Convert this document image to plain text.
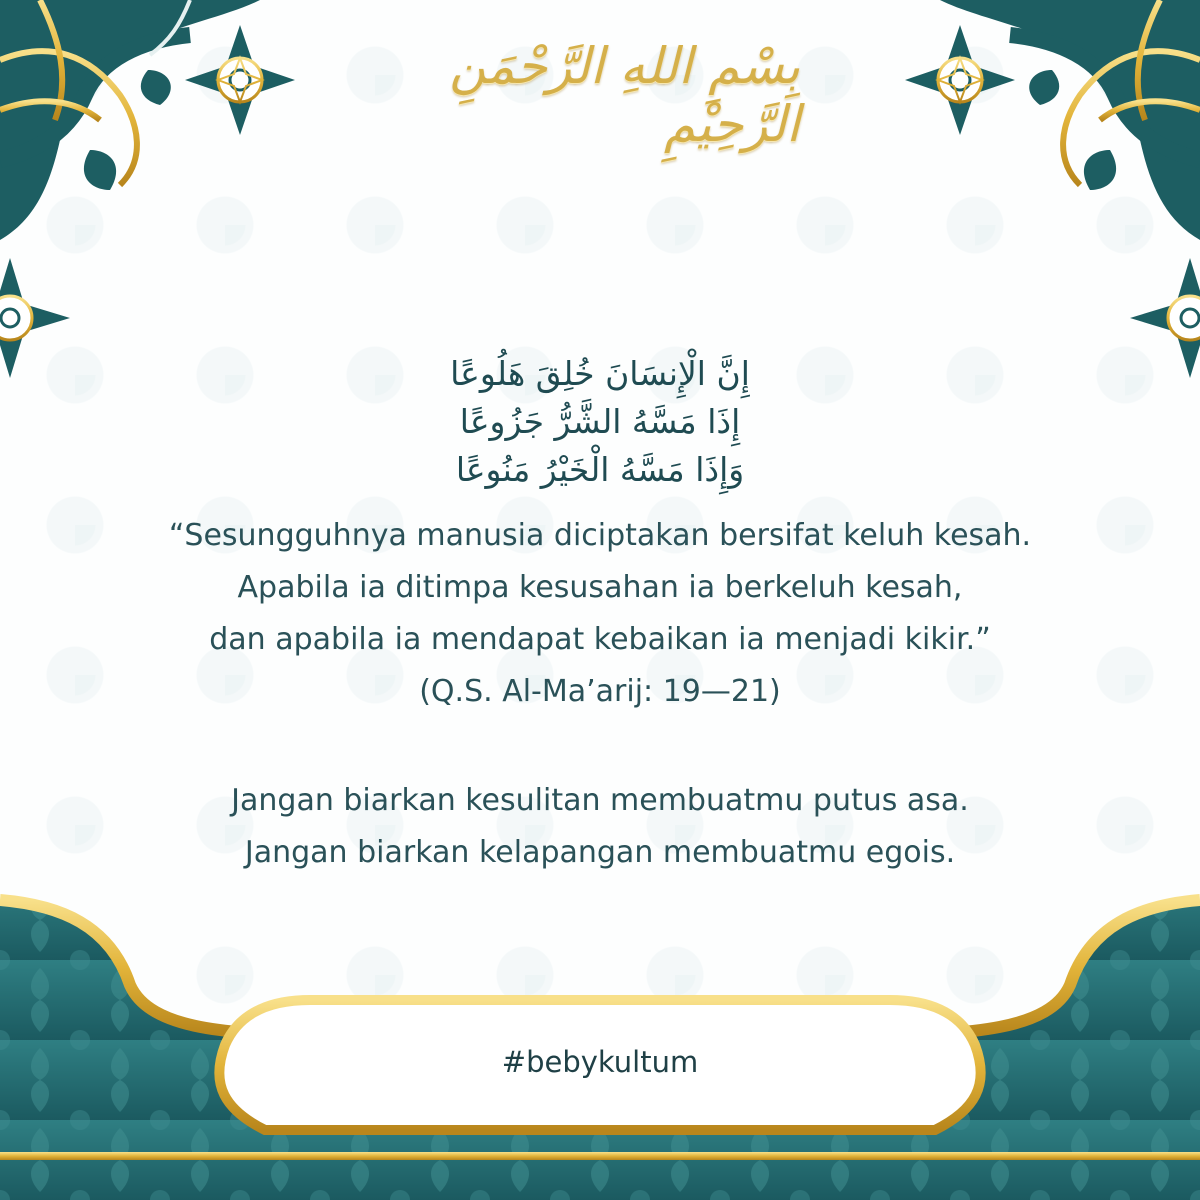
بِسْمِ اللهِ الرَّحْمَنِ الرَّحِيْمِ
إِنَّ الْإِنسَانَ خُلِقَ هَلُوعًا
إِذَا مَسَّهُ الشَّرُّ جَزُوعًا
وَإِذَا مَسَّهُ الْخَيْرُ مَنُوعًا
“Sesungguhnya manusia diciptakan bersifat keluh kesah.
Apabila ia ditimpa kesusahan ia berkeluh kesah,
dan apabila ia mendapat kebaikan ia menjadi kikir.”
(Q.S. Al-Ma’arij: 19—21)
Jangan biarkan kesulitan membuatmu putus asa.
Jangan biarkan kelapangan membuatmu egois.
#bebykultum
